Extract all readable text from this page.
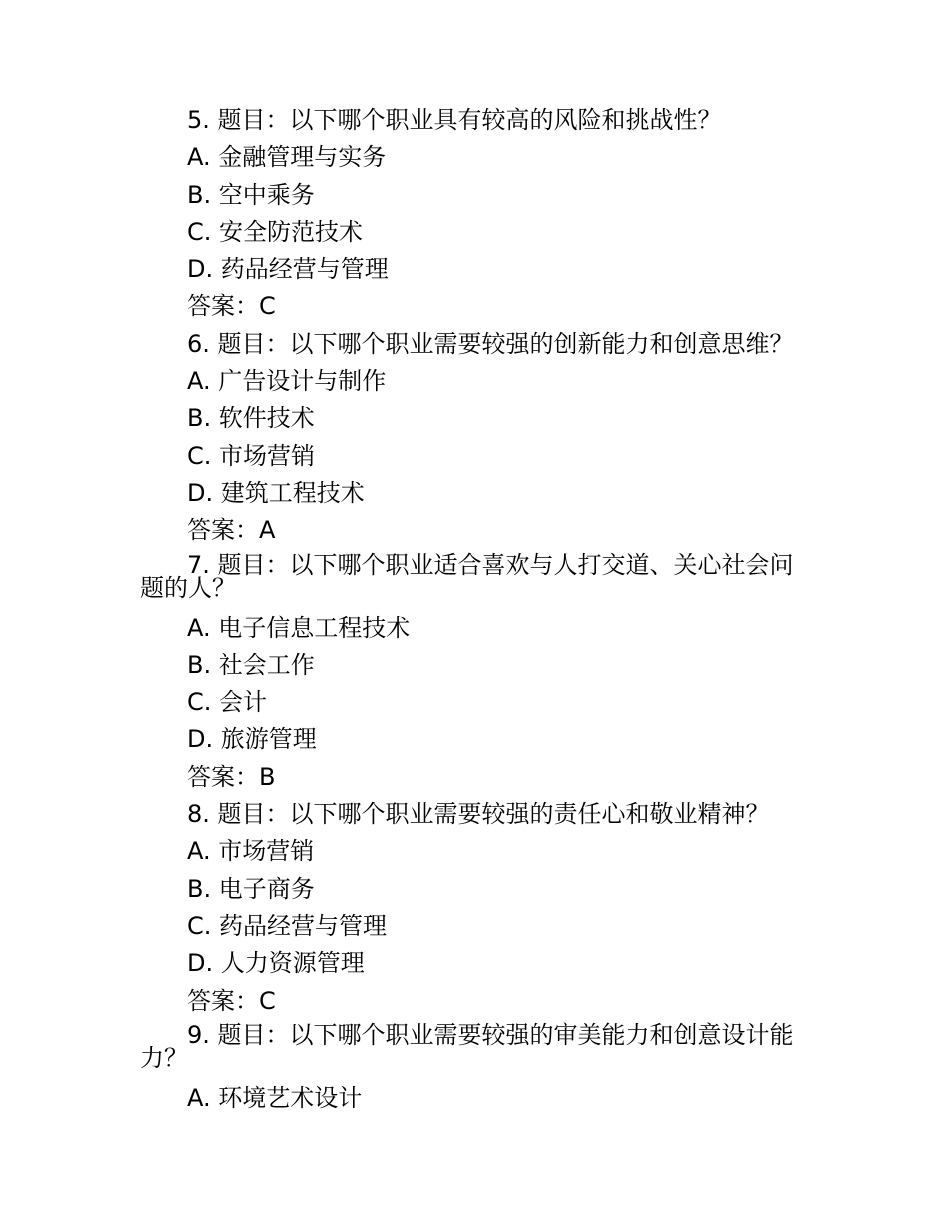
5. 题目：以下哪个职业具有较高的风险和挑战性？

A. 金融管理与实务

B. 空中乘务

C. 安全防范技术

D. 药品经营与管理

答案：C

6. 题目：以下哪个职业需要较强的创新能力和创意思维？

A. 广告设计与制作

B. 软件技术

C. 市场营销

D. 建筑工程技术

答案：A

7. 题目：以下哪个职业适合喜欢与人打交道、关心社会问题的人？

A. 电子信息工程技术

B. 社会工作

C. 会计

D. 旅游管理

答案：B

8. 题目：以下哪个职业需要较强的责任心和敬业精神？

A. 市场营销

B. 电子商务

C. 药品经营与管理

D. 人力资源管理

答案：C

9. 题目：以下哪个职业需要较强的审美能力和创意设计能力？

A. 环境艺术设计
